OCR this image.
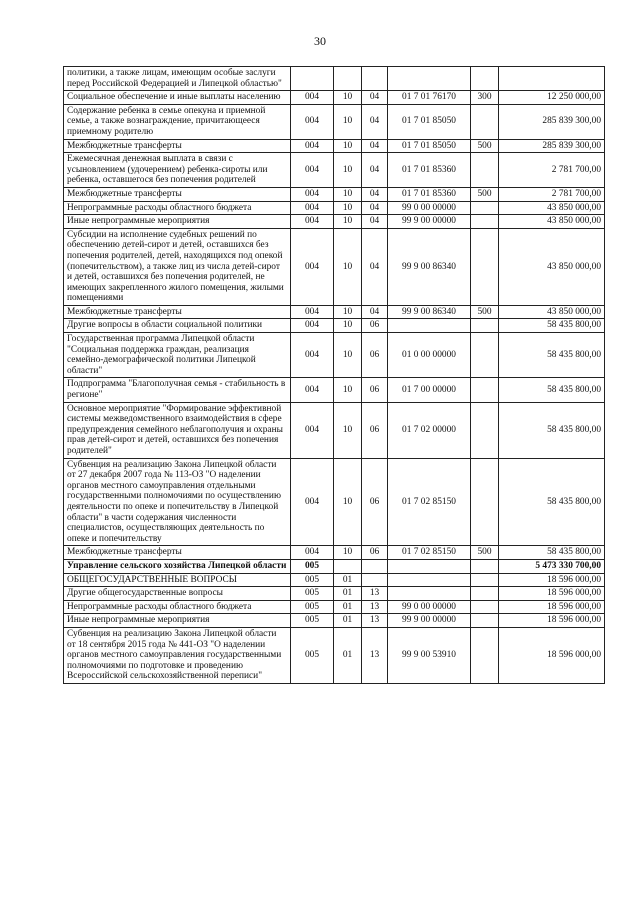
30
политики, а также лицам, имеющим особые заслуги перед Российской Федерацией и Липецкой областью"						
Социальное обеспечение и иные выплаты населению	004	10	04	01 7 01 76170	300	12 250 000,00
Содержание ребенка в семье опекуна и приемной семье, а также вознаграждение, причитающееся приемному родителю	004	10	04	01 7 01 85050		285 839 300,00
Межбюджетные трансферты	004	10	04	01 7 01 85050	500	285 839 300,00
Ежемесячная денежная выплата в связи с усыновлением (удочерением) ребенка-сироты или ребенка, оставшегося без попечения родителей	004	10	04	01 7 01 85360		2 781 700,00
Межбюджетные трансферты	004	10	04	01 7 01 85360	500	2 781 700,00
Непрограммные расходы областного бюджета	004	10	04	99 0 00 00000		43 850 000,00
Иные непрограммные мероприятия	004	10	04	99 9 00 00000		43 850 000,00
Субсидии на исполнение судебных решений по обеспечению детей-сирот и детей, оставшихся без попечения родителей, детей, находящихся под опекой (попечительством), а также лиц из числа детей-сирот и детей, оставшихся без попечения родителей, не имеющих закрепленного жилого помещения, жилыми помещениями	004	10	04	99 9 00 86340		43 850 000,00
Межбюджетные трансферты	004	10	04	99 9 00 86340	500	43 850 000,00
Другие вопросы в области социальной политики	004	10	06			58 435 800,00
Государственная программа Липецкой области "Социальная поддержка граждан, реализация семейно-демографической политики Липецкой области"	004	10	06	01 0 00 00000		58 435 800,00
Подпрограмма "Благополучная семья - стабильность в регионе"	004	10	06	01 7 00 00000		58 435 800,00
Основное мероприятие "Формирование эффективной системы межведомственного взаимодействия в сфере предупреждения семейного неблагополучия и охраны прав детей-сирот и детей, оставшихся без попечения родителей"	004	10	06	01 7 02 00000		58 435 800,00
Субвенция на реализацию Закона Липецкой области от 27 декабря 2007 года № 113-ОЗ "О наделении органов местного самоуправления отдельными государственными полномочиями по осуществлению деятельности по опеке и попечительству в Липецкой области" в части содержания численности специалистов, осуществляющих деятельность по опеке и попечительству	004	10	06	01 7 02 85150		58 435 800,00
Межбюджетные трансферты	004	10	06	01 7 02 85150	500	58 435 800,00
Управление сельского хозяйства Липецкой области	005					5 473 330 700,00
ОБЩЕГОСУДАРСТВЕННЫЕ ВОПРОСЫ	005	01				18 596 000,00
Другие общегосударственные вопросы	005	01	13			18 596 000,00
Непрограммные расходы областного бюджета	005	01	13	99 0 00 00000		18 596 000,00
Иные непрограммные мероприятия	005	01	13	99 9 00 00000		18 596 000,00
Субвенция на реализацию Закона Липецкой области от 18 сентября 2015 года № 441-ОЗ "О наделении органов местного самоуправления государственными полномочиями по подготовке и проведению Всероссийской сельскохозяйственной переписи"	005	01	13	99 9 00 53910		18 596 000,00
